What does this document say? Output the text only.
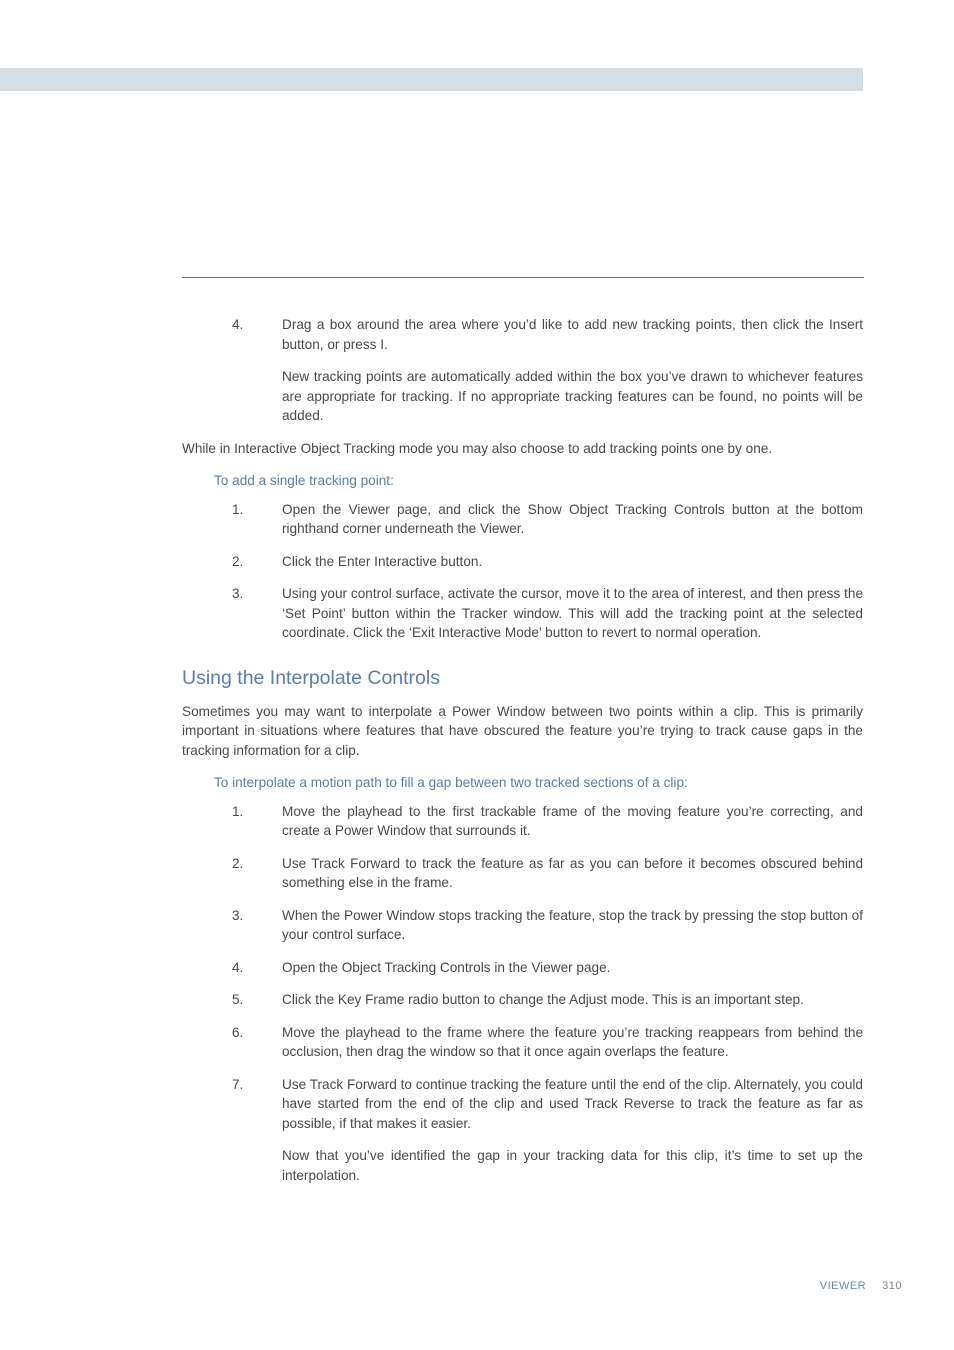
4.	Drag a box around the area where you’d like to add new tracking points, then click the Insert button, or press I.

New tracking points are automatically added within the box you’ve drawn to whichever features are appropriate for tracking. If no appropriate tracking features can be found, no points will be added.

While in Interactive Object Tracking mode you may also choose to add tracking points one by one.

To add a single tracking point:
1.	Open the Viewer page, and click the Show Object Tracking Controls button at the bottom righthand corner underneath the Viewer.

2.	Click the Enter Interactive button.

3.	Using your control surface, activate the cursor, move it to the area of interest, and then press the ‘Set Point’ button within the Tracker window. This will add the tracking point at the selected coordinate. Click the ‘Exit Interactive Mode’ button to revert to normal operation.

Using the Interpolate Controls

Sometimes you may want to interpolate a Power Window between two points within a clip. This is primarily important in situations where features that have obscured the feature you’re trying to track cause gaps in the tracking information for a clip.

To interpolate a motion path to fill a gap between two tracked sections of a clip:
1.	Move the playhead to the first trackable frame of the moving feature you’re correcting, and create a Power Window that surrounds it.

2.	Use Track Forward to track the feature as far as you can before it becomes obscured behind something else in the frame.

3.	When the Power Window stops tracking the feature, stop the track by pressing the stop button of your control surface.

4.	Open the Object Tracking Controls in the Viewer page.

5.	Click the Key Frame radio button to change the Adjust mode. This is an important step.

6.	Move the playhead to the frame where the feature you’re tracking reappears from behind the occlusion, then drag the window so that it once again overlaps the feature.

7.	Use Track Forward to continue tracking the feature until the end of the clip. Alternately, you could have started from the end of the clip and used Track Reverse to track the feature as far as possible, if that makes it easier.

Now that you’ve identified the gap in your tracking data for this clip, it’s time to set up the interpolation.

VIEWER 310
